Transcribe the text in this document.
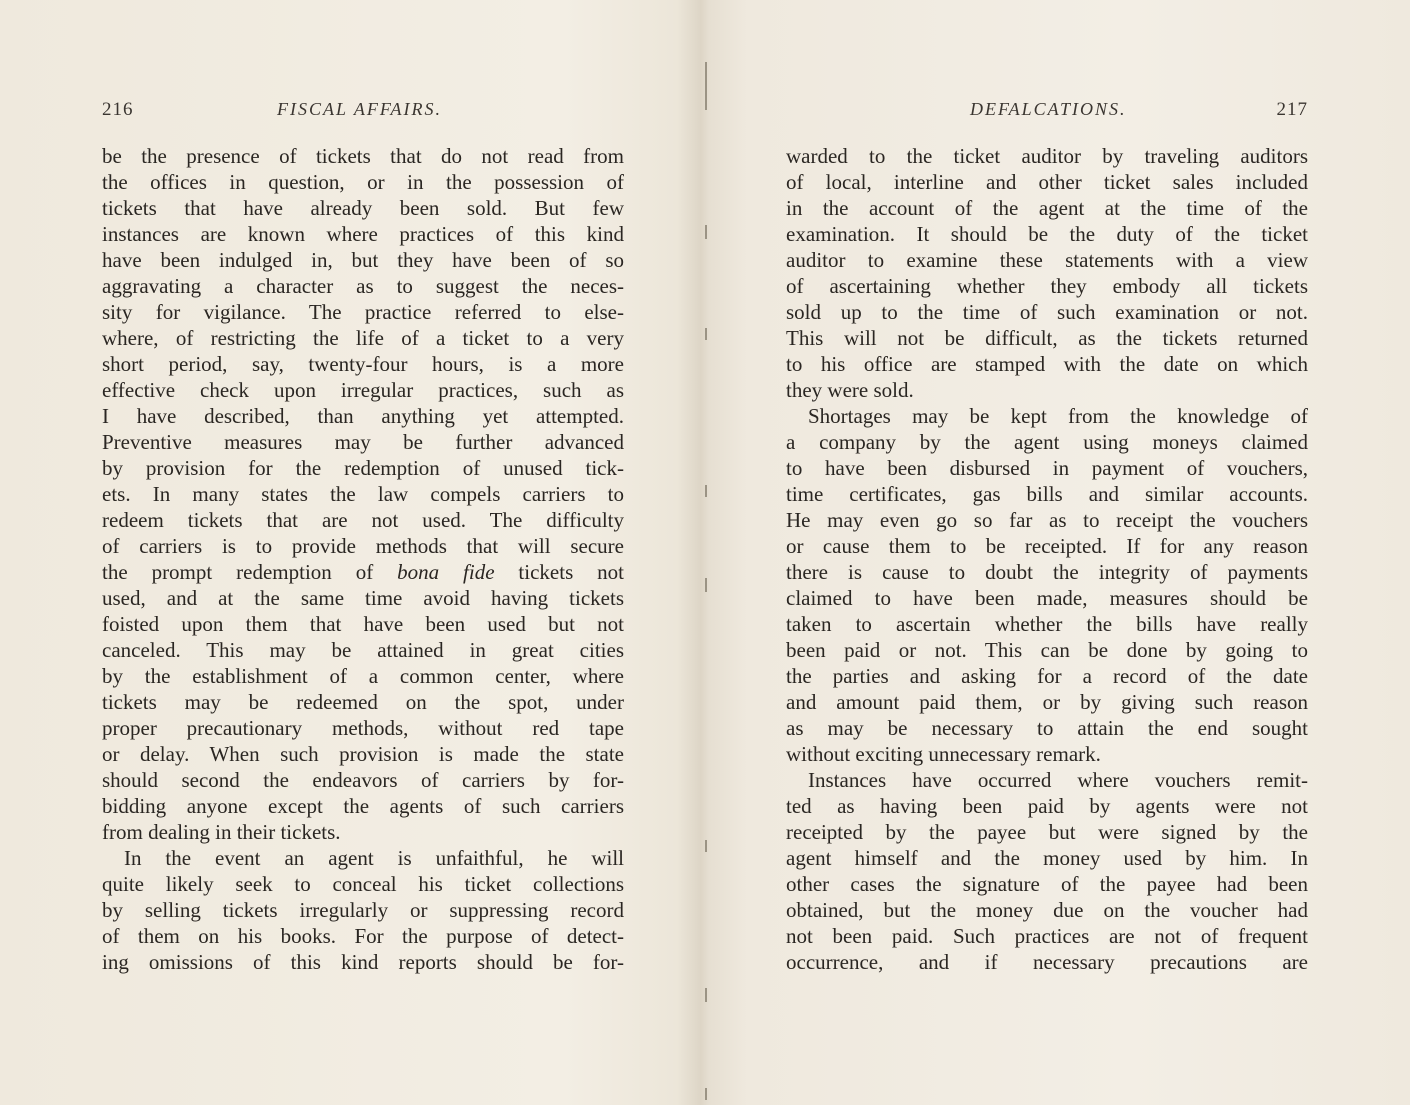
216	FISCAL AFFAIRS.
be the presence of tickets that do not read from
the offices in question, or in the possession of
tickets that have already been sold. But few
instances are known where practices of this kind
have been indulged in, but they have been of so
aggravating a character as to suggest the neces-
sity for vigilance. The practice referred to else-
where, of restricting the life of a ticket to a very
short period, say, twenty-four hours, is a more
effective check upon irregular practices, such as
I have described, than anything yet attempted.
Preventive measures may be further advanced
by provision for the redemption of unused tick-
ets. In many states the law compels carriers to
redeem tickets that are not used. The difficulty
of carriers is to provide methods that will secure
the prompt redemption of bona fide tickets not
used, and at the same time avoid having tickets
foisted upon them that have been used but not
canceled. This may be attained in great cities
by the establishment of a common center, where
tickets may be redeemed on the spot, under
proper precautionary methods, without red tape
or delay. When such provision is made the state
should second the endeavors of carriers by for-
bidding anyone except the agents of such carriers
from dealing in their tickets.
In the event an agent is unfaithful, he will
quite likely seek to conceal his ticket collections
by selling tickets irregularly or suppressing record
of them on his books. For the purpose of detect-
ing omissions of this kind reports should be for-
DEFALCATIONS.	217
warded to the ticket auditor by traveling auditors
of local, interline and other ticket sales included
in the account of the agent at the time of the
examination. It should be the duty of the ticket
auditor to examine these statements with a view
of ascertaining whether they embody all tickets
sold up to the time of such examination or not.
This will not be difficult, as the tickets returned
to his office are stamped with the date on which
they were sold.
Shortages may be kept from the knowledge of
a company by the agent using moneys claimed
to have been disbursed in payment of vouchers,
time certificates, gas bills and similar accounts.
He may even go so far as to receipt the vouchers
or cause them to be receipted. If for any reason
there is cause to doubt the integrity of payments
claimed to have been made, measures should be
taken to ascertain whether the bills have really
been paid or not. This can be done by going to
the parties and asking for a record of the date
and amount paid them, or by giving such reason
as may be necessary to attain the end sought
without exciting unnecessary remark.
Instances have occurred where vouchers remit-
ted as having been paid by agents were not
receipted by the payee but were signed by the
agent himself and the money used by him. In
other cases the signature of the payee had been
obtained, but the money due on the voucher had
not been paid. Such practices are not of frequent
occurrence, and if necessary precautions are
